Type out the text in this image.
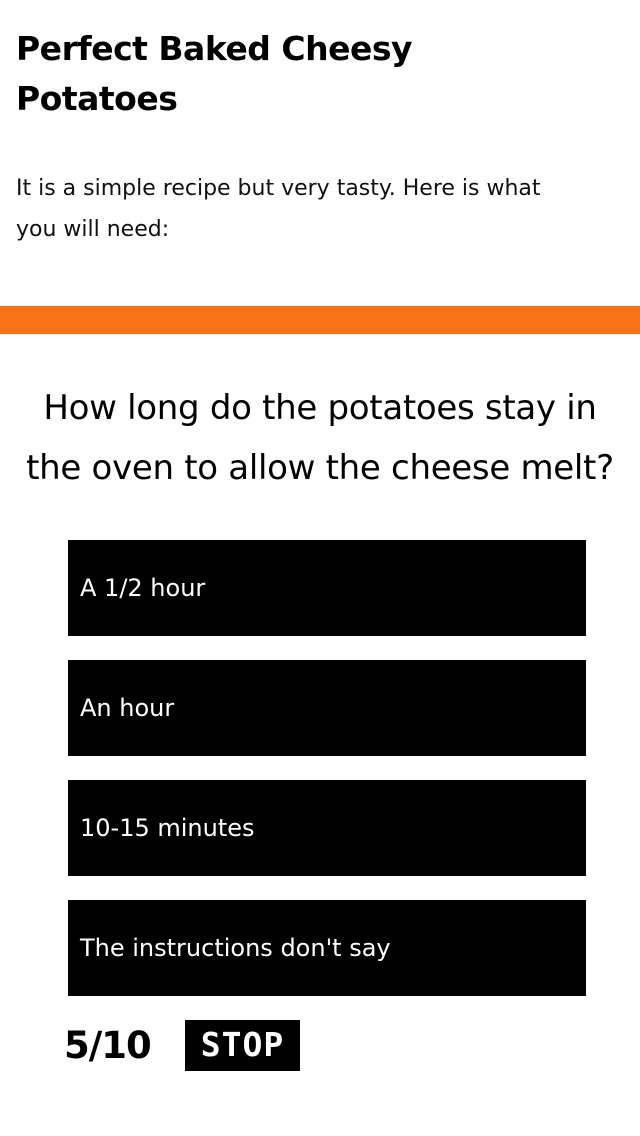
Perfect Baked Cheesy Potatoes

It is a simple recipe but very tasty. Here is what you will need:

How long do the potatoes stay in the oven to allow the cheese melt?
A 1/2 hour
An hour
10-15 minutes
The instructions don't say
5/10	STOP
